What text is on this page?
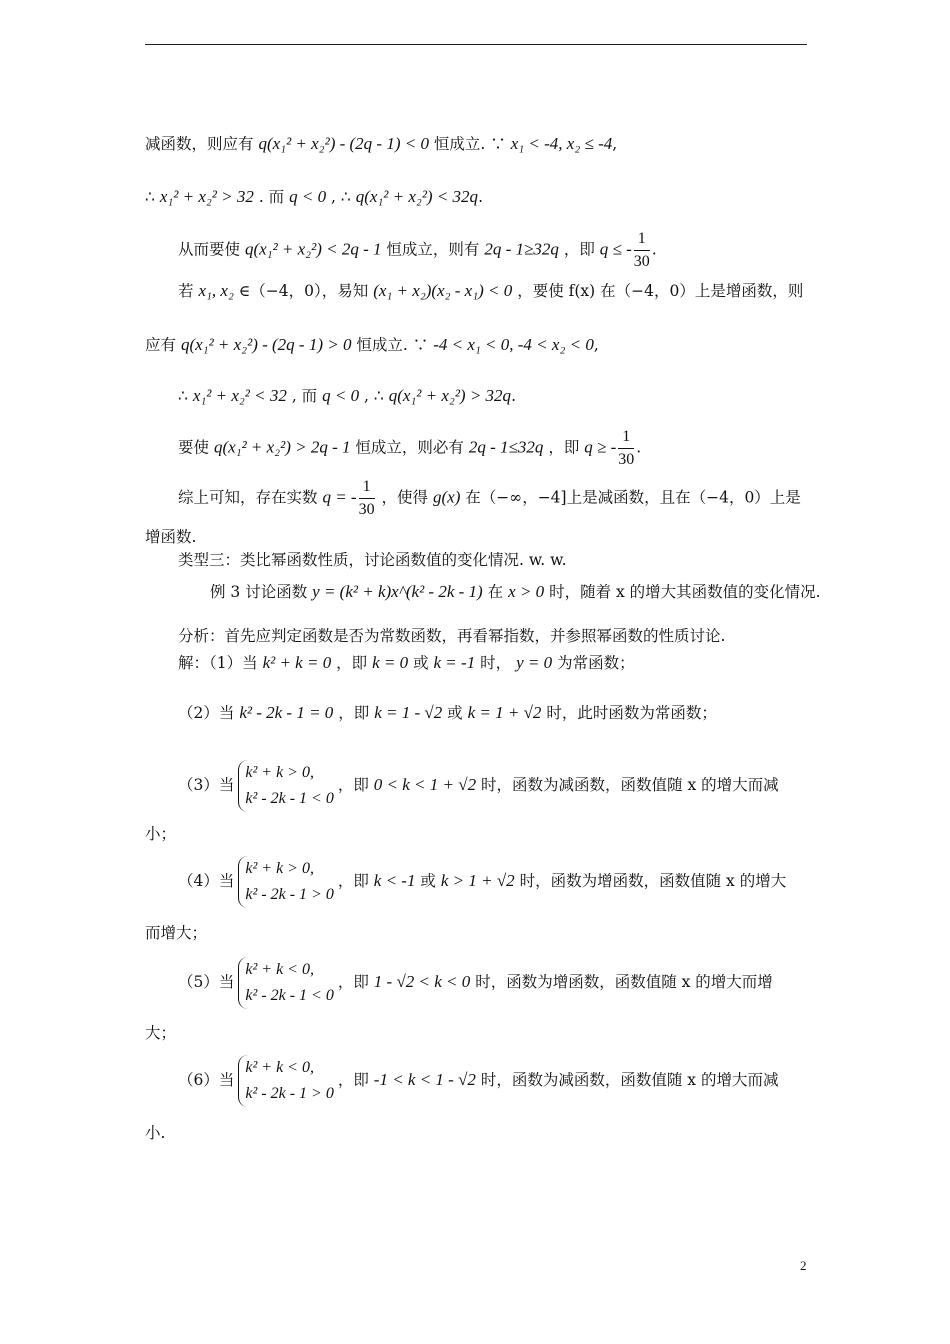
减函数，则应有 q(x₁² + x₂²) - (2q - 1) < 0 恒成立. ∵ x₁ < -4, x₂ ≤ -4,
∴ x₁² + x₂² > 32 . 而 q < 0 , ∴ q(x₁² + x₂²) < 32q.
从而要使 q(x₁² + x₂²) < 2q - 1 恒成立，则有 2q - 1≥32q ，即 q ≤ - $\frac{1}{30}$ .
若 x₁, x₂ ∈（−4，0），易知 (x₁ + x₂)(x₂ - x₁) < 0 ，要使 f(x) 在（−4，0）上是增函数，则
应有 q(x₁² + x₂²) - (2q - 1) > 0 恒成立. ∵ -4 < x₁ < 0, -4 < x₂ < 0,
∴ x₁² + x₂² < 32 , 而 q < 0 , ∴ q(x₁² + x₂²) > 32q.
要使 q(x₁² + x₂²) > 2q - 1 恒成立，则必有 2q - 1≤32q ，即 q ≥ - $\frac{1}{30}$ .
综上可知，存在实数 q = - $\frac{1}{30}$ ，使得 g(x) 在（−∞，−4]上是减函数，且在（−4，0）上是
增函数.
类型三：类比幂函数性质，讨论函数值的变化情况. w. w.
例 3 讨论函数 y = (k² + k)x^(k² - 2k - 1) 在 x > 0 时，随着 x 的增大其函数值的变化情况.
分析：首先应判定函数是否为常数函数，再看幂指数，并参照幂函数的性质讨论.
解：（1）当 k² + k = 0 ，即 k = 0 或 k = -1 时， y = 0 为常函数；
（2）当 k² - 2k - 1 = 0 ，即 k = 1 - √2 或 k = 1 + √2 时，此时函数为常函数；
（3）当
k² + k > 0,
k² - 2k - 1 < 0
，即 0 < k < 1 + √2 时，函数为减函数，函数值随 x 的增大而减
小；
（4）当
k² + k > 0,
k² - 2k - 1 > 0
，即 k < -1 或 k > 1 + √2 时，函数为增函数，函数值随 x 的增大
而增大；
（5）当
k² + k < 0,
k² - 2k - 1 < 0
，即 1 - √2 < k < 0 时，函数为增函数，函数值随 x 的增大而增
大；
（6）当
k² + k < 0,
k² - 2k - 1 > 0
，即 -1 < k < 1 - √2 时，函数为减函数，函数值随 x 的增大而减
小.
2
